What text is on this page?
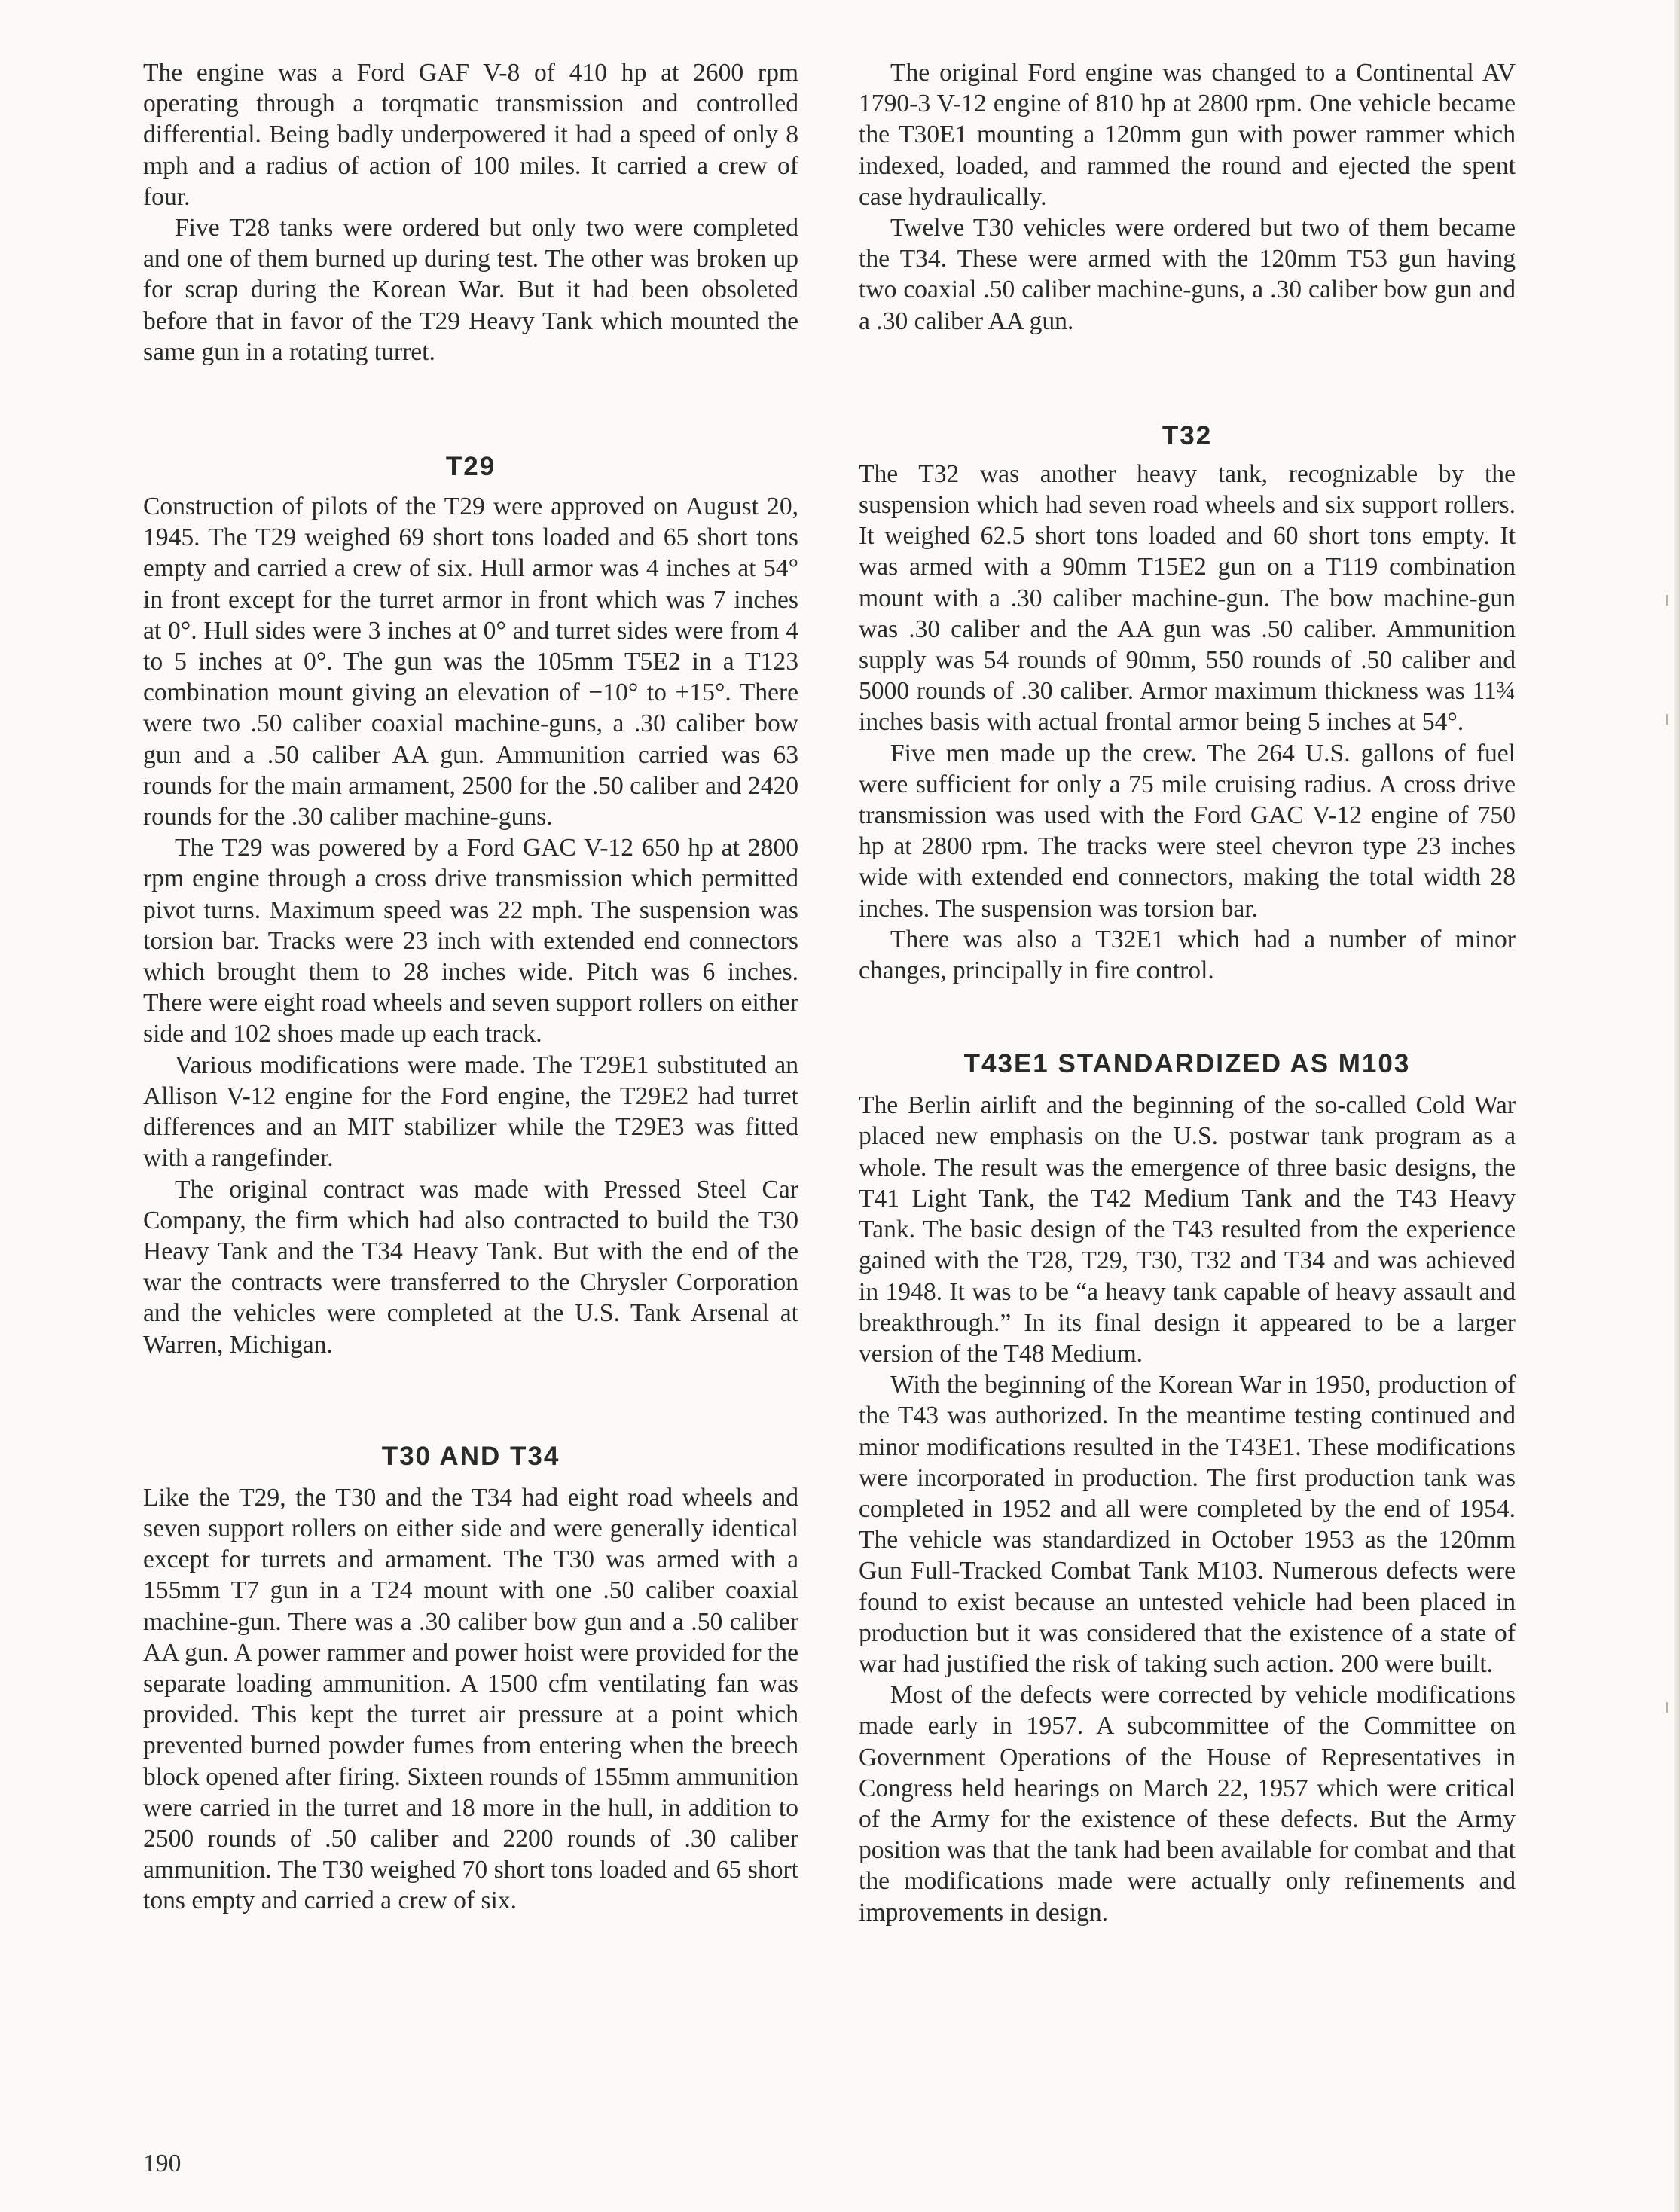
The engine was a Ford GAF V-8 of 410 hp at 2600 rpm operating through a torqmatic transmission and controlled differential. Being badly underpowered it had a speed of only 8 mph and a radius of action of 100 miles. It carried a crew of four.

Five T28 tanks were ordered but only two were completed and one of them burned up during test. The other was broken up for scrap during the Korean War. But it had been obsoleted before that in favor of the T29 Heavy Tank which mounted the same gun in a rotating turret.

T29

Construction of pilots of the T29 were approved on August 20, 1945. The T29 weighed 69 short tons loaded and 65 short tons empty and carried a crew of six. Hull armor was 4 inches at 54° in front except for the turret armor in front which was 7 inches at 0°. Hull sides were 3 inches at 0° and turret sides were from 4 to 5 inches at 0°. The gun was the 105mm T5E2 in a T123 combination mount giving an elevation of −10° to +15°. There were two .50 caliber coaxial machine-guns, a .30 caliber bow gun and a .50 caliber AA gun. Ammunition carried was 63 rounds for the main armament, 2500 for the .50 caliber and 2420 rounds for the .30 caliber machine-guns.

The T29 was powered by a Ford GAC V-12 650 hp at 2800 rpm engine through a cross drive transmission which permitted pivot turns. Maximum speed was 22 mph. The suspension was torsion bar. Tracks were 23 inch with extended end connectors which brought them to 28 inches wide. Pitch was 6 inches. There were eight road wheels and seven support rollers on either side and 102 shoes made up each track.

Various modifications were made. The T29E1 substituted an Allison V-12 engine for the Ford engine, the T29E2 had turret differences and an MIT stabilizer while the T29E3 was fitted with a rangefinder.

The original contract was made with Pressed Steel Car Company, the firm which had also contracted to build the T30 Heavy Tank and the T34 Heavy Tank. But with the end of the war the contracts were transferred to the Chrysler Corporation and the vehicles were completed at the U.S. Tank Arsenal at Warren, Michigan.

T30 AND T34

Like the T29, the T30 and the T34 had eight road wheels and seven support rollers on either side and were generally identical except for turrets and armament. The T30 was armed with a 155mm T7 gun in a T24 mount with one .50 caliber coaxial machine-gun. There was a .30 caliber bow gun and a .50 caliber AA gun. A power rammer and power hoist were provided for the separate loading ammunition. A 1500 cfm ventilating fan was provided. This kept the turret air pressure at a point which prevented burned powder fumes from entering when the breech block opened after firing. Sixteen rounds of 155mm ammunition were carried in the turret and 18 more in the hull, in addition to 2500 rounds of .50 caliber and 2200 rounds of .30 caliber ammunition. The T30 weighed 70 short tons loaded and 65 short tons empty and carried a crew of six.

The original Ford engine was changed to a Continental AV 1790-3 V-12 engine of 810 hp at 2800 rpm. One vehicle became the T30E1 mounting a 120mm gun with power rammer which indexed, loaded, and rammed the round and ejected the spent case hydraulically.

Twelve T30 vehicles were ordered but two of them became the T34. These were armed with the 120mm T53 gun having two coaxial .50 caliber machine-guns, a .30 caliber bow gun and a .30 caliber AA gun.

T32

The T32 was another heavy tank, recognizable by the suspension which had seven road wheels and six support rollers. It weighed 62.5 short tons loaded and 60 short tons empty. It was armed with a 90mm T15E2 gun on a T119 combination mount with a .30 caliber machine-gun. The bow machine-gun was .30 caliber and the AA gun was .50 caliber. Ammunition supply was 54 rounds of 90mm, 550 rounds of .50 caliber and 5000 rounds of .30 caliber. Armor maximum thickness was 11¾ inches basis with actual frontal armor being 5 inches at 54°.

Five men made up the crew. The 264 U.S. gallons of fuel were sufficient for only a 75 mile cruising radius. A cross drive transmission was used with the Ford GAC V-12 engine of 750 hp at 2800 rpm. The tracks were steel chevron type 23 inches wide with extended end connectors, making the total width 28 inches. The suspension was torsion bar.

There was also a T32E1 which had a number of minor changes, principally in fire control.

T43E1 STANDARDIZED AS M103

The Berlin airlift and the beginning of the so-called Cold War placed new emphasis on the U.S. postwar tank program as a whole. The result was the emergence of three basic designs, the T41 Light Tank, the T42 Medium Tank and the T43 Heavy Tank. The basic design of the T43 resulted from the experience gained with the T28, T29, T30, T32 and T34 and was achieved in 1948. It was to be “a heavy tank capable of heavy assault and breakthrough.” In its final design it appeared to be a larger version of the T48 Medium.

With the beginning of the Korean War in 1950, production of the T43 was authorized. In the meantime testing continued and minor modifications resulted in the T43E1. These modifications were incorporated in production. The first production tank was completed in 1952 and all were completed by the end of 1954. The vehicle was standardized in October 1953 as the 120mm Gun Full-Tracked Combat Tank M103. Numerous defects were found to exist because an untested vehicle had been placed in production but it was considered that the existence of a state of war had justified the risk of taking such action. 200 were built.

Most of the defects were corrected by vehicle modifications made early in 1957. A subcommittee of the Committee on Government Operations of the House of Representatives in Congress held hearings on March 22, 1957 which were critical of the Army for the existence of these defects. But the Army position was that the tank had been available for combat and that the modifications made were actually only refinements and improvements in design.

190
